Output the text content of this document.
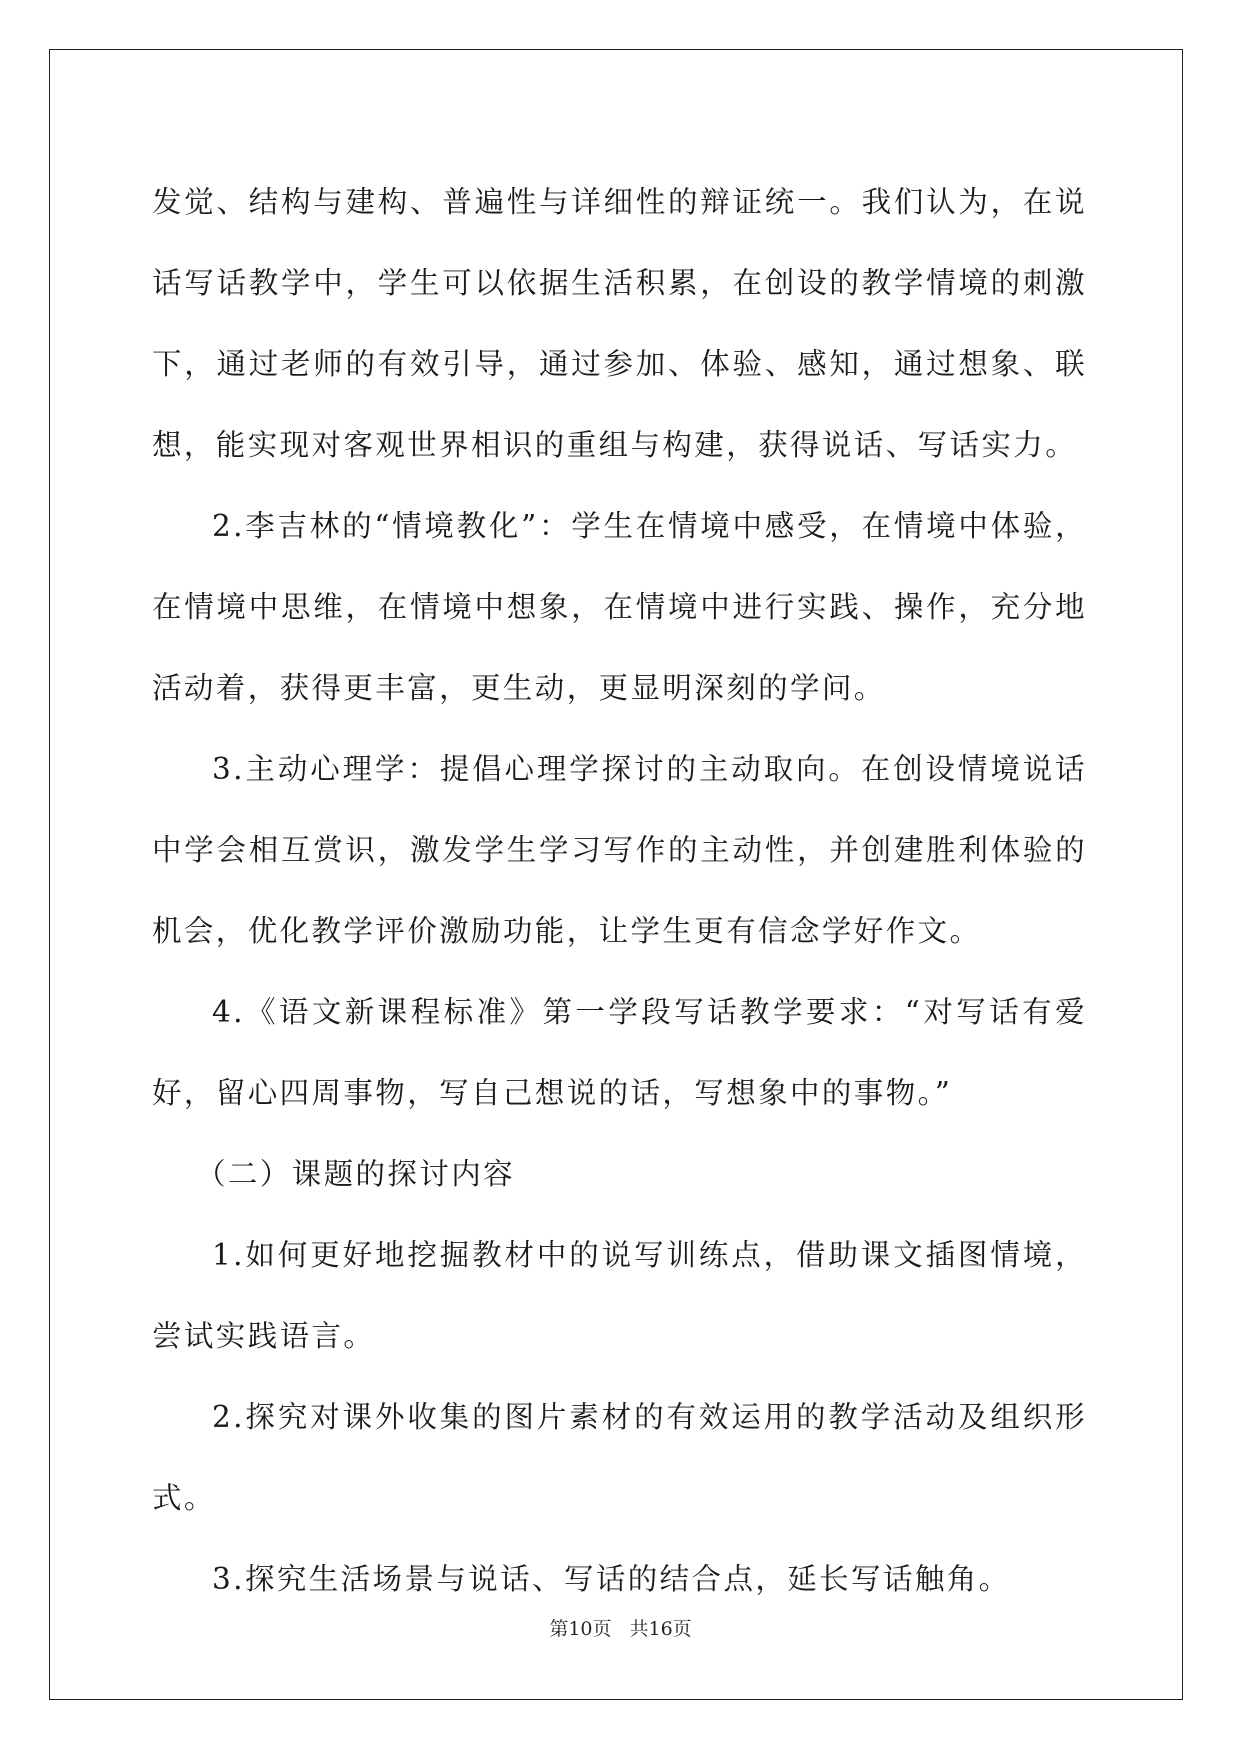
发觉、结构与建构、普遍性与详细性的辩证统一。我们认为，在说话写话教学中，学生可以依据生活积累，在创设的教学情境的刺激下，通过老师的有效引导，通过参加、体验、感知，通过想象、联想，能实现对客观世界相识的重组与构建，获得说话、写话实力。

2.李吉林的“情境教化”：学生在情境中感受，在情境中体验，在情境中思维，在情境中想象，在情境中进行实践、操作，充分地活动着，获得更丰富，更生动，更显明深刻的学问。

3.主动心理学：提倡心理学探讨的主动取向。在创设情境说话中学会相互赏识，激发学生学习写作的主动性，并创建胜利体验的机会，优化教学评价激励功能，让学生更有信念学好作文。

4.《语文新课程标准》第一学段写话教学要求：“对写话有爱好，留心四周事物，写自己想说的话，写想象中的事物。”

（二）课题的探讨内容

1.如何更好地挖掘教材中的说写训练点，借助课文插图情境，尝试实践语言。

2.探究对课外收集的图片素材的有效运用的教学活动及组织形式。

3.探究生活场景与说话、写话的结合点，延长写话触角。

第10页 共16页
